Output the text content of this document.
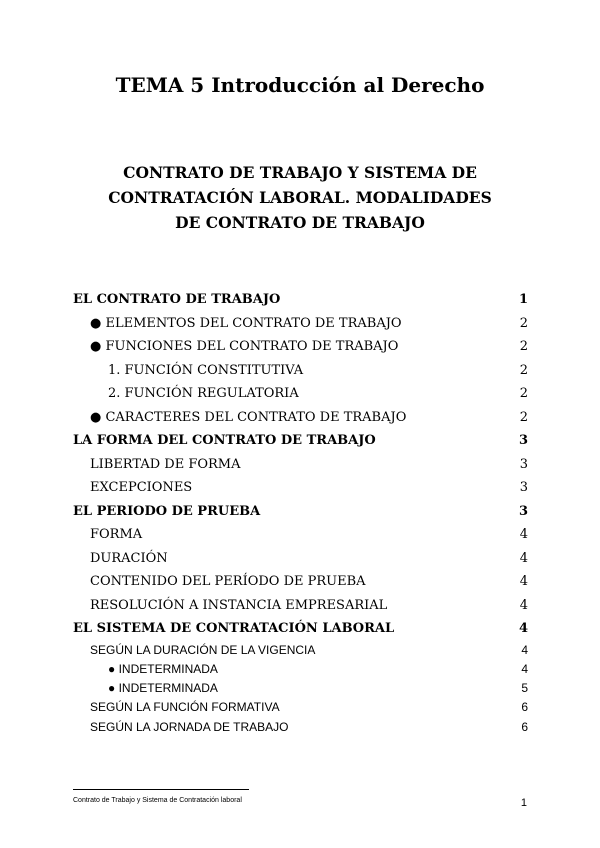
TEMA 5 Introducción al Derecho
CONTRATO DE TRABAJO Y SISTEMA DE CONTRATACIÓN LABORAL. MODALIDADES DE CONTRATO DE TRABAJO
EL CONTRATO DE TRABAJO	1
● ELEMENTOS DEL CONTRATO DE TRABAJO	2
● FUNCIONES DEL CONTRATO DE TRABAJO	2
1. FUNCIÓN CONSTITUTIVA	2
2. FUNCIÓN REGULATORIA	2
● CARACTERES DEL CONTRATO DE TRABAJO	2
LA FORMA DEL CONTRATO DE TRABAJO	3
LIBERTAD DE FORMA	3
EXCEPCIONES	3
EL PERIODO DE PRUEBA	3
FORMA	4
DURACIÓN	4
CONTENIDO DEL PERÍODO DE PRUEBA	4
RESOLUCIÓN A INSTANCIA EMPRESARIAL	4
EL SISTEMA DE CONTRATACIÓN LABORAL	4
SEGÚN LA DURACIÓN DE LA VIGENCIA	4
● INDETERMINADA	4
● INDETERMINADA	5
SEGÚN LA FUNCIÓN FORMATIVA	6
SEGÚN LA JORNADA DE TRABAJO	6
Contrato de Trabajo y Sistema de Contratación laboral	1
